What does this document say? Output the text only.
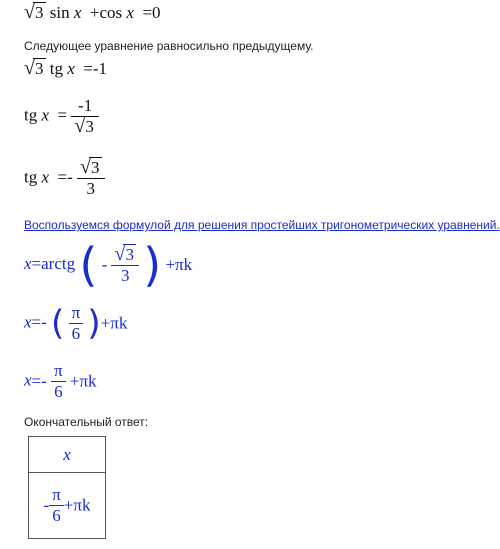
√ 3 sin x +cos x =0
Следующее уравнение равносильно предыдущему.
√ 3 tg x =-1
tg $x = \frac{-1}{√ 3}$
tg $x =- \frac{√ 3}{3}$
Воспользуемся формулой для решения простейших тригонометрических уравнений.
x=arctg ( - $\frac{√ 3}{3}$ ) +πk
x=- ( $\frac{\pi}{6} )+\pi k$
$x=- \frac{\pi}{6} +\pi k$
Окончательный ответ:
x
- $\frac{\pi}{6} +\pi k$
